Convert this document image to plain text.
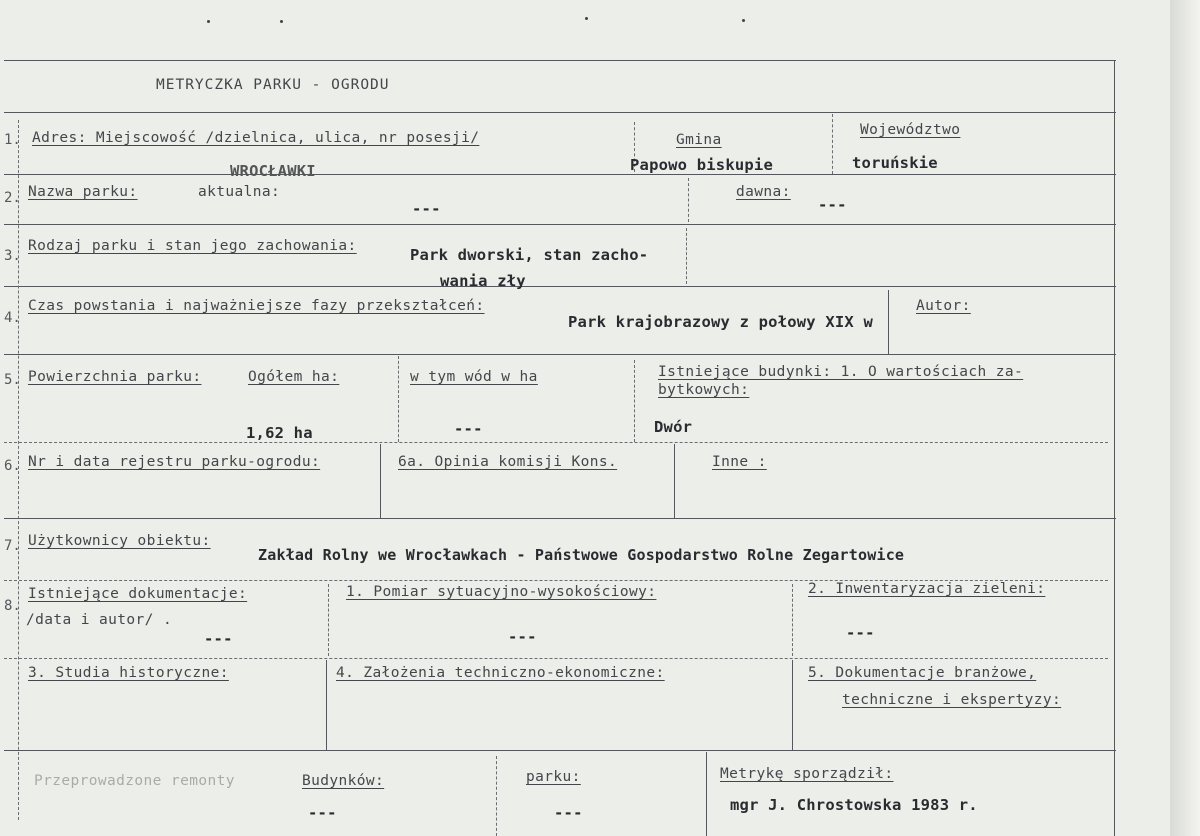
METRYCZKA PARKU - OGRODU
1. Adres: Miejscowość /dzielnica, ulica, nr posesji/
WROCŁAWKI
Gmina
Papowo biskupie
Województwo
toruńskie
2. Nazwa parku:	aktualna:
---
dawna:
---
3.
Rodzaj parku i stan jego zachowania:	Park dworski, stan zacho-
wania zły
4.
Czas powstania i najważniejsze fazy przekształceń:
Park krajobrazowy z połowy XIX w
Autor:
5. Powierzchnia parku:	Ogółem ha:
1,62 ha
w tym wód w ha
---
Istniejące budynki: 1. O wartościach za-
bytkowych:
Dwór
6. Nr i data rejestru parku-ogrodu:	6a. Opinia komisji Kons.	Inne :
7. Użytkownicy obiektu:
Zakład Rolny we Wrocławkach - Państwowe Gospodarstwo Rolne Zegartowice
8.
Istniejące dokumentacje:
/data i autor/ .
---
1. Pomiar sytuacyjno-wysokościowy:
---
2. Inwentaryzacja zieleni:
---
3. Studia historyczne:	4. Założenia techniczno-ekonomiczne:	5. Dokumentacje branżowe,
techniczne i ekspertyzy:
Przeprowadzone remonty	Budynków:
---
parku:
---
Metrykę sporządził:
mgr J. Chrostowska 1983 r.
